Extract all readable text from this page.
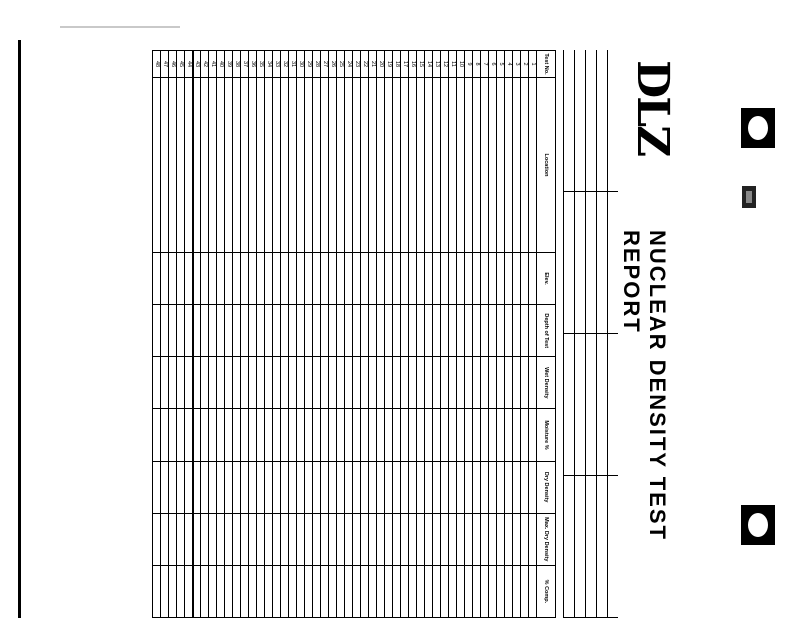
DLZ
NUCLEAR DENSITY TEST REPORT
Test No.	Location	Elev.	Depth of Test	Wet Density	Moisture %	Dry Density	Max. Dry Density	% Comp.
1								
2								
3								
4								
5								
6								
7								
8								
9								
10								
11								
12								
13								
14								
15								
16								
17								
18								
19								
20								
21								
22								
23								
24								
25								
26								
27								
28								
29								
30								
31								
32								
33								
34								
35								
36								
37								
38								
39								
40								
41								
42								
43								
44								
45								
46								
47								
48								
